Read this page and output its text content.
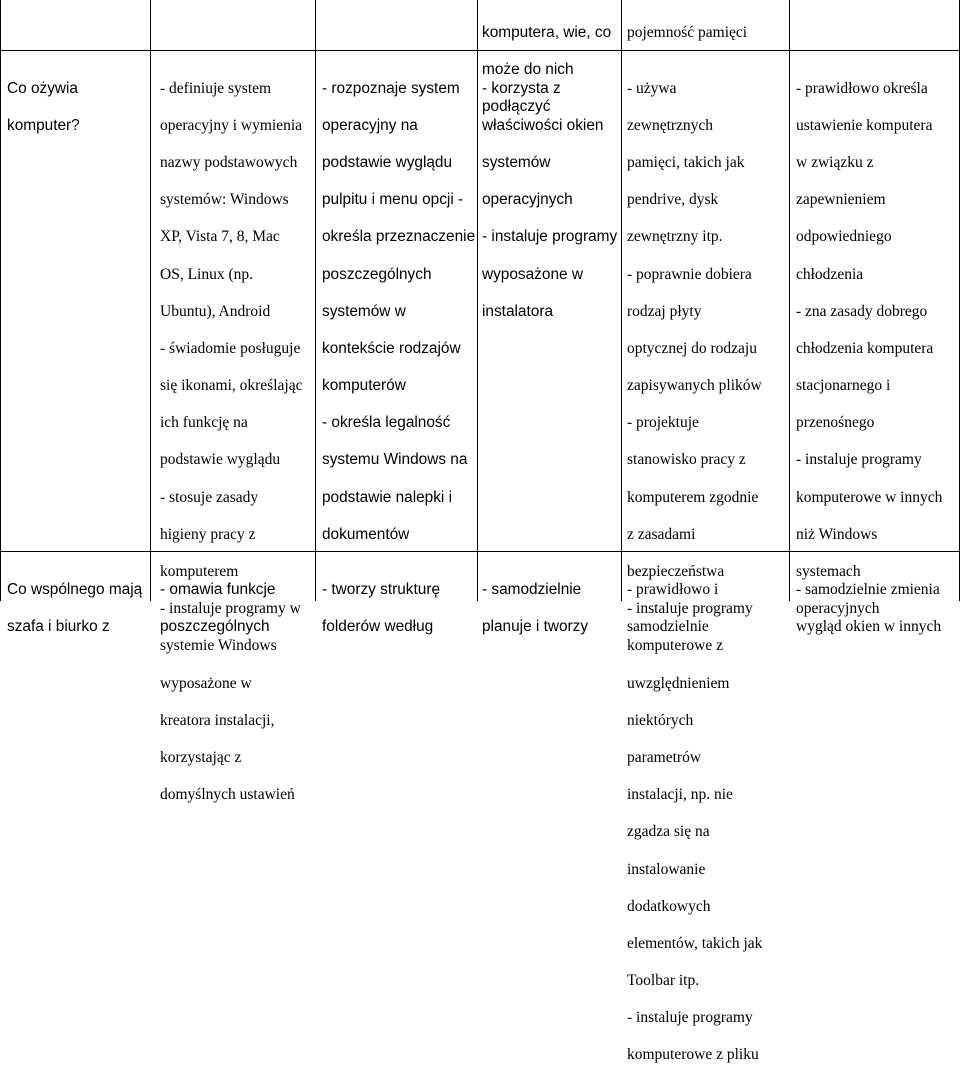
komputera, wie, co

może do nich

podłączyć

pojemność pamięci

Co ożywia

komputer?

- definiuje system

operacyjny i wymienia

nazwy podstawowych

systemów: Windows

XP, Vista 7, 8, Mac

OS, Linux (np.

Ubuntu), Android

- świadomie posługuje

się ikonami, określając

ich funkcję na

podstawie wyglądu

- stosuje zasady

higieny pracy z

komputerem

- instaluje programy w

systemie Windows

wyposażone w

kreatora instalacji,

korzystając z

domyślnych ustawień

- rozpoznaje system

operacyjny na

podstawie wyglądu

pulpitu i menu opcji -

określa przeznaczenie

poszczególnych

systemów w

kontekście rodzajów

komputerów

- określa legalność

systemu Windows na

podstawie nalepki i

dokumentów

- korzysta z

właściwości okien

systemów

operacyjnych

- instaluje programy

wyposażone w

instalatora

- używa

zewnętrznych

pamięci, takich jak

pendrive, dysk

zewnętrzny itp.

- poprawnie dobiera

rodzaj płyty

optycznej do rodzaju

zapisywanych plików

- projektuje

stanowisko pracy z

komputerem zgodnie

z zasadami

bezpieczeństwa

- instaluje programy

komputerowe z

uwzględnieniem

niektórych

parametrów

instalacji, np. nie

zgadza się na

instalowanie

dodatkowych

elementów, takich jak

Toolbar itp.

- instaluje programy

komputerowe z pliku

- prawidłowo określa

ustawienie komputera

w związku z

zapewnieniem

odpowiedniego

chłodzenia

- zna zasady dobrego

chłodzenia komputera

stacjonarnego i

przenośnego

- instaluje programy

komputerowe w innych

niż Windows

systemach

operacyjnych

Co wspólnego mają

szafa i biurko z

- omawia funkcje

poszczególnych

- tworzy strukturę

folderów według

- samodzielnie

planuje i tworzy

- prawidłowo i

samodzielnie

- samodzielnie zmienia

wygląd okien w innych
